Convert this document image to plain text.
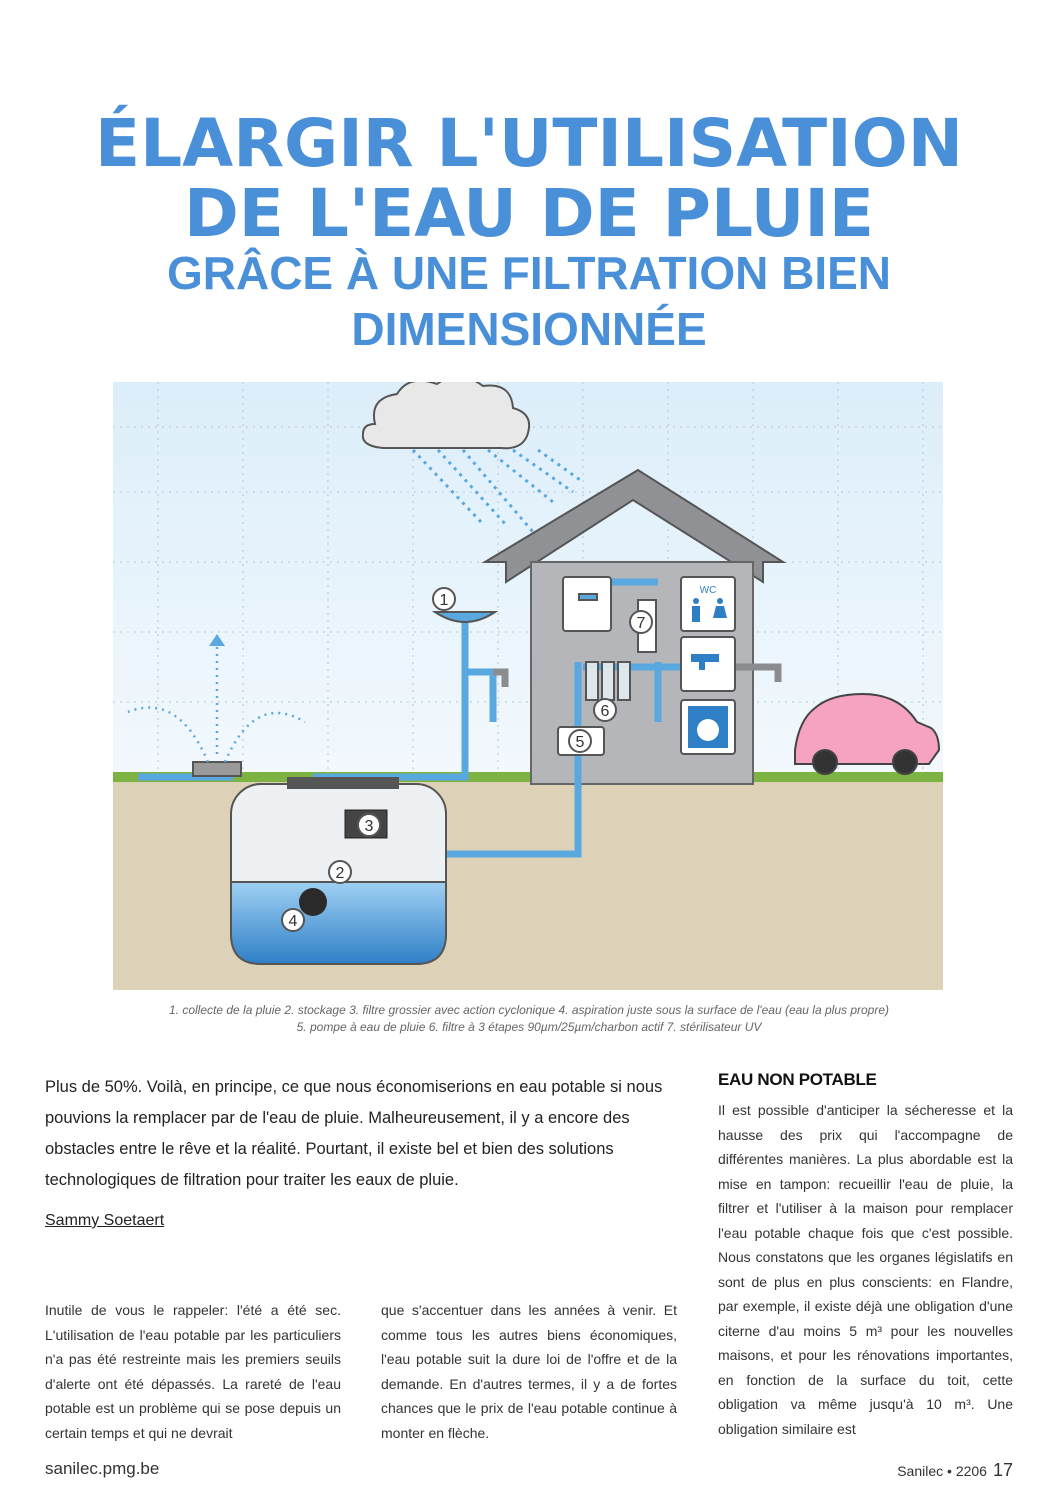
ÉLARGIR L'UTILISATION
DE L'EAU DE PLUIE
GRÂCE À UNE FILTRATION BIEN
DIMENSIONNÉE
WC
1
2
3
4
5
6
7

1. collecte de la pluie 2. stockage 3. filtre grossier avec action cyclonique 4. aspiration juste sous la surface de l'eau (eau la plus propre)

5. pompe à eau de pluie 6. filtre à 3 étapes 90µm/25µm/charbon actif 7. stérilisateur UV

Plus de 50%. Voilà, en principe, ce que nous économiserions en eau potable si nous pouvions la remplacer par de l'eau de pluie. Malheureusement, il y a encore des obstacles entre le rêve et la réalité. Pourtant, il existe bel et bien des solutions technologiques de filtration pour traiter les eaux de pluie.

Sammy Soetaert

Inutile de vous le rappeler: l'été a été sec. L'utilisation de l'eau potable par les particuliers n'a pas été restreinte mais les premiers seuils d'alerte ont été dépassés. La rareté de l'eau potable est un problème qui se pose depuis un certain temps et qui ne devrait

que s'accentuer dans les années à venir. Et comme tous les autres biens économiques, l'eau potable suit la dure loi de l'offre et de la demande. En d'autres termes, il y a de fortes chances que le prix de l'eau potable continue à monter en flèche.

EAU NON POTABLE

Il est possible d'anticiper la sécheresse et la hausse des prix qui l'accompagne de différentes manières. La plus abordable est la mise en tampon: recueillir l'eau de pluie, la filtrer et l'utiliser à la maison pour remplacer l'eau potable chaque fois que c'est possible. Nous constatons que les organes législatifs en sont de plus en plus conscients: en Flandre, par exemple, il existe déjà une obligation d'une citerne d'au moins 5 m³ pour les nouvelles maisons, et pour les rénovations importantes, en fonction de la surface du toit, cette obligation va même jusqu'à 10 m³. Une obligation similaire est

sanilec.pmg.be	Sanilec • 2206 17
